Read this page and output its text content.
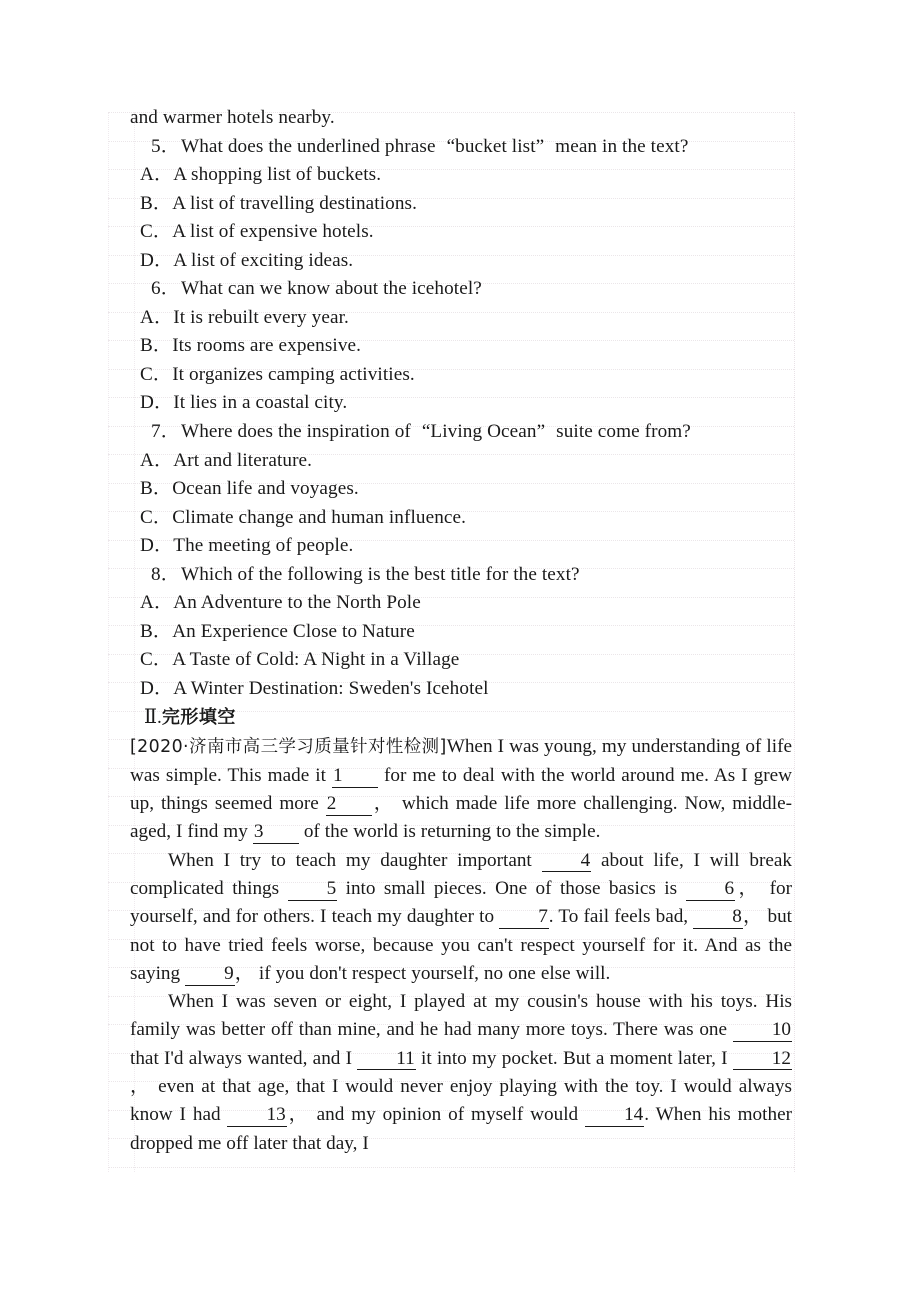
and warmer hotels nearby.
5．What does the underlined phrase “bucket list” mean in the text?
A．A shopping list of buckets.
B．A list of travelling destinations.
C．A list of expensive hotels.
D．A list of exciting ideas.
6．What can we know about the icehotel?
A．It is rebuilt every year.
B．Its rooms are expensive.
C．It organizes camping activities.
D．It lies in a coastal city.
7．Where does the inspiration of “Living Ocean” suite come from?
A．Art and literature.
B．Ocean life and voyages.
C．Climate change and human influence.
D．The meeting of people.
8．Which of the following is the best title for the text?
A．An Adventure to the North Pole
B．An Experience Close to Nature
C．A Taste of Cold: A Night in a Village
D．A Winter Destination: Sweden's Icehotel
Ⅱ.完形填空
[2020·济南市高三学习质量针对性检测]When I was young, my understanding of life was simple. This made it 1 for me to deal with the world around me. As I grew up, things seemed more 2 ， which made life more challenging. Now, middle-aged, I find my 3 of the world is returning to the simple.
When I try to teach my daughter important 4 about life, I will break complicated things 5 into small pieces. One of those basics is 6， for yourself, and for others. I teach my daughter to 7. To fail feels bad, 8， but not to have tried feels worse, because you can't respect yourself for it. And as the saying 9， if you don't respect yourself, no one else will.
When I was seven or eight, I played at my cousin's house with his toys. His family was better off than mine, and he had many more toys. There was one 10 that I'd always wanted, and I 11 it into my pocket. But a moment later, I 12， even at that age, that I would never enjoy playing with the toy. I would always know I had 13， and my opinion of myself would 14. When his mother dropped me off later that day, I
